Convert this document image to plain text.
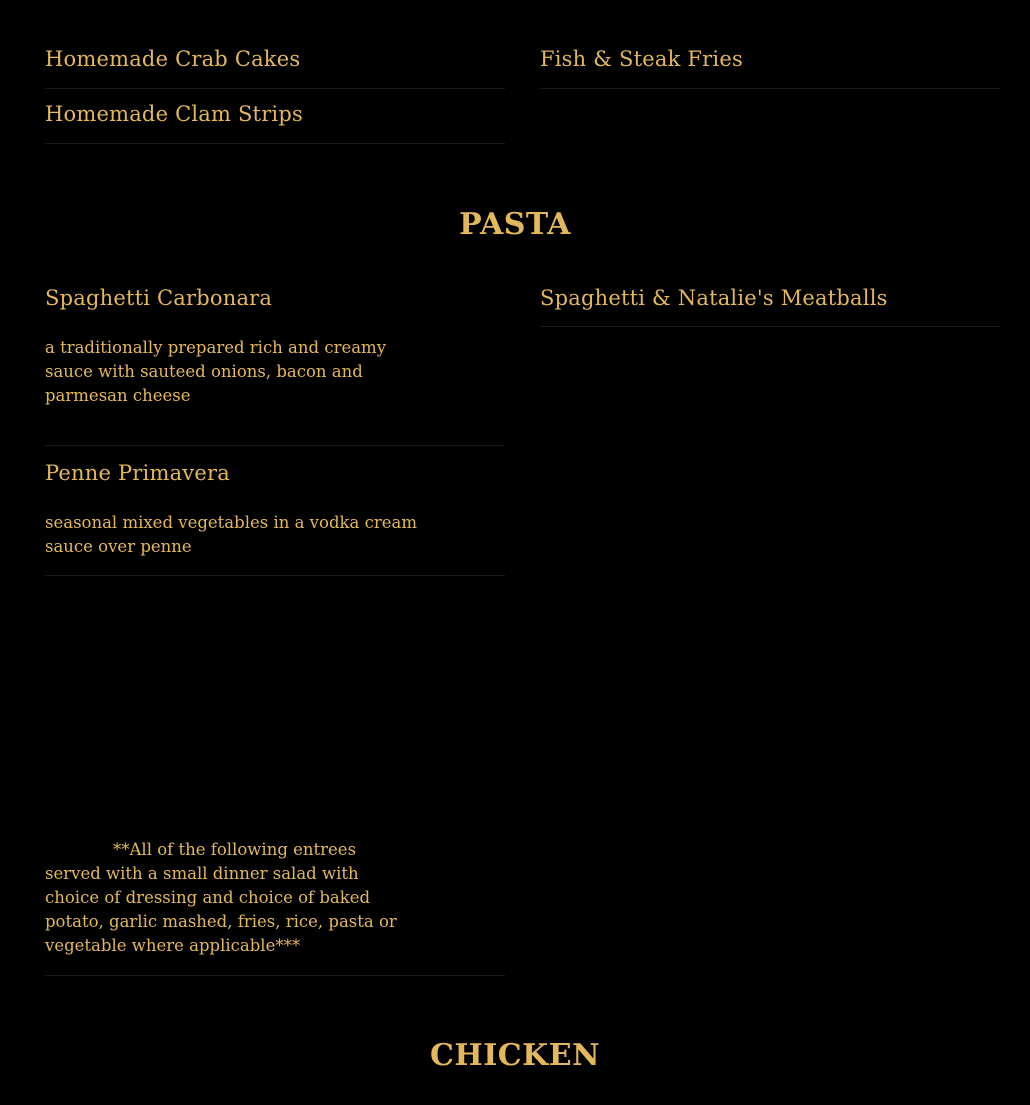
Homemade Crab Cakes	Fish & Steak Fries
Homemade Clam Strips
PASTA
Spaghetti Carbonara

a traditionally prepared rich and creamy sauce with sauteed onions, bacon and parmesan cheese

Spaghetti & Natalie's Meatballs
Penne Primavera

seasonal mixed vegetables in a vodka cream sauce over penne

**All of the following entrees served with a small dinner salad with choice of dressing and choice of baked potato, garlic mashed, fries, rice, pasta or vegetable where applicable***

CHICKEN
